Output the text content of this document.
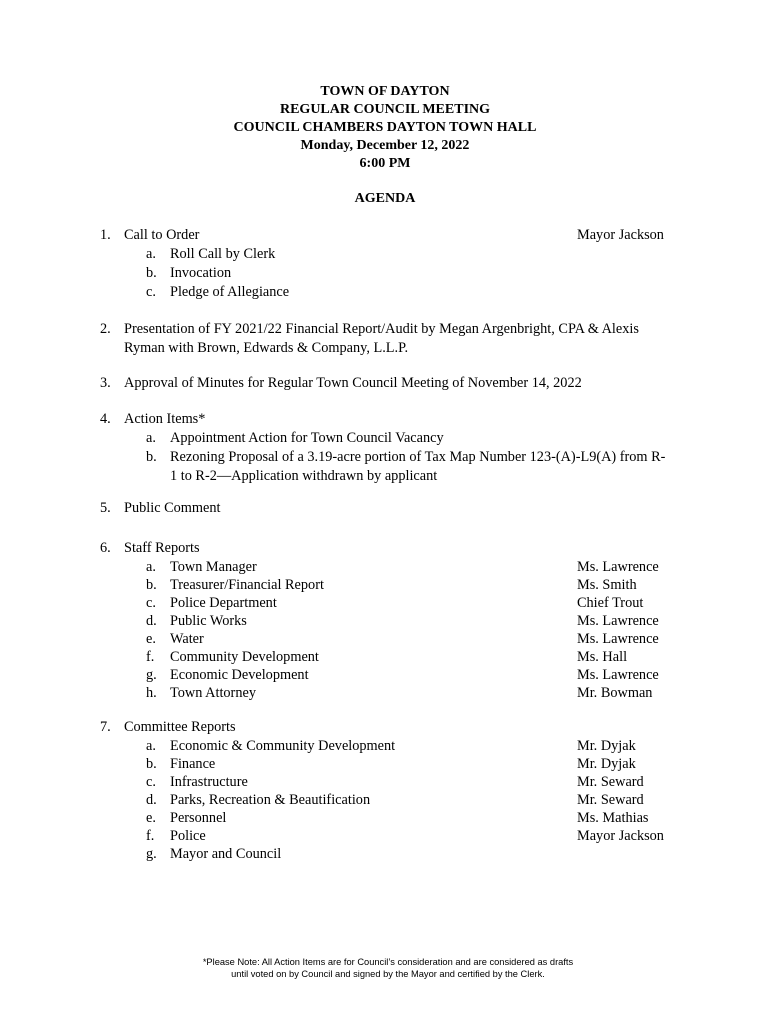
TOWN OF DAYTON
REGULAR COUNCIL MEETING
COUNCIL CHAMBERS DAYTON TOWN HALL
Monday, December 12, 2022
6:00 PM
AGENDA
1. Call to Order	Mayor Jackson
a. Roll Call by Clerk
b. Invocation
c. Pledge of Allegiance
2. Presentation of FY 2021/22 Financial Report/Audit by Megan Argenbright, CPA & Alexis
Ryman with Brown, Edwards & Company, L.L.P.
3. Approval of Minutes for Regular Town Council Meeting of November 14, 2022
4. Action Items*
a. Appointment Action for Town Council Vacancy
b. Rezoning Proposal of a 3.19-acre portion of Tax Map Number 123-(A)-L9(A) from R-
1 to R-2—Application withdrawn by applicant
5. Public Comment
6. Staff Reports
a. Town Manager	Ms. Lawrence
b. Treasurer/Financial Report	Ms. Smith
c. Police Department	Chief Trout
d. Public Works	Ms. Lawrence
e. Water	Ms. Lawrence
f. Community Development	Ms. Hall
g. Economic Development	Ms. Lawrence
h. Town Attorney	Mr. Bowman
7. Committee Reports
a. Economic & Community Development	Mr. Dyjak
b. Finance	Mr. Dyjak
c. Infrastructure	Mr. Seward
d. Parks, Recreation & Beautification	Mr. Seward
e. Personnel	Ms. Mathias
f. Police	Mayor Jackson
g. Mayor and Council
*Please Note: All Action Items are for Council’s consideration and are considered as drafts
until voted on by Council and signed by the Mayor and certified by the Clerk.
